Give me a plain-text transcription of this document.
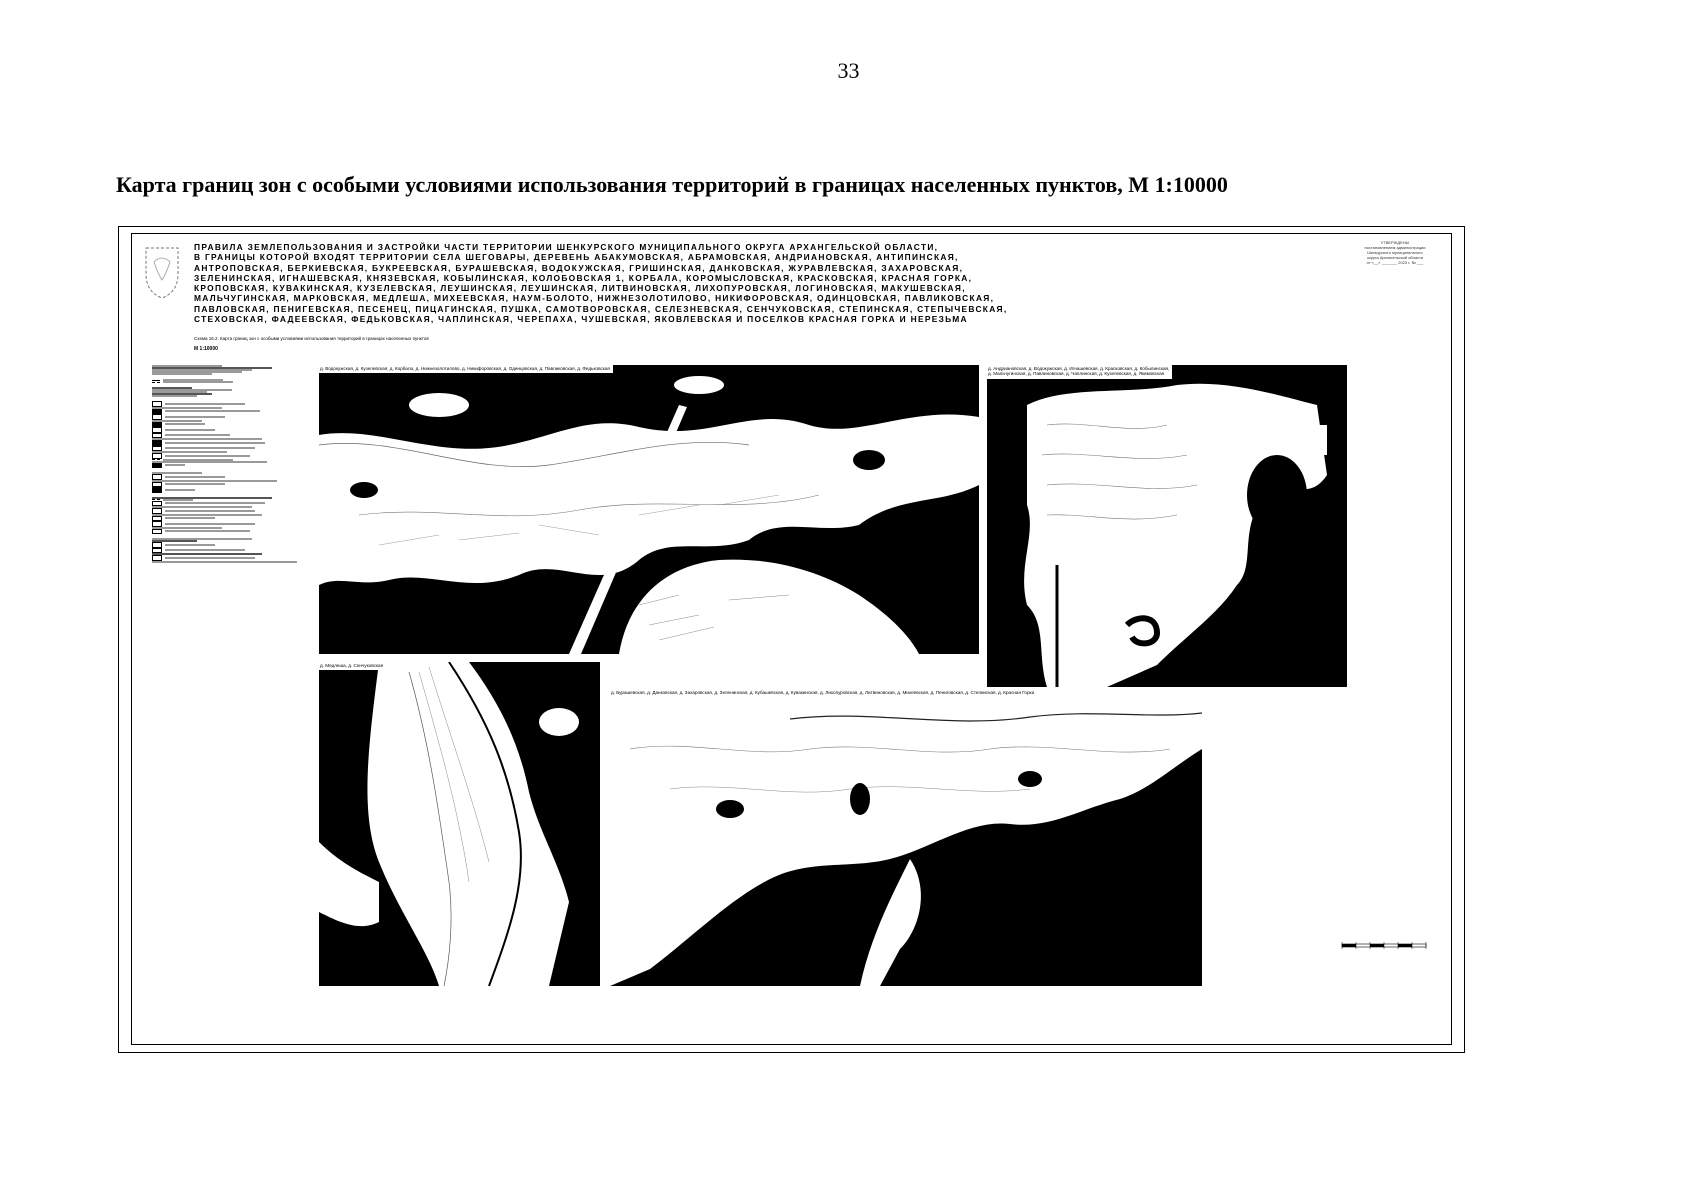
33
Карта границ зон с особыми условиями использования территорий в границах населенных пунктов, М 1:10000
УТВЕРЖДЕНЫ
постановлением администрации
Шенкурского муниципального
округа Архангельской области
от «__» _______ 2023 г. № ___
ПРАВИЛА ЗЕМЛЕПОЛЬЗОВАНИЯ И ЗАСТРОЙКИ ЧАСТИ ТЕРРИТОРИИ ШЕНКУРСКОГО МУНИЦИПАЛЬНОГО ОКРУГА АРХАНГЕЛЬСКОЙ ОБЛАСТИ,
В ГРАНИЦЫ КОТОРОЙ ВХОДЯТ ТЕРРИТОРИИ СЕЛА ШЕГОВАРЫ, ДЕРЕВЕНЬ АБАКУМОВСКАЯ, АБРАМОВСКАЯ, АНДРИАНОВСКАЯ, АНТИПИНСКАЯ,
АНТРОПОВСКАЯ, БЕРКИЕВСКАЯ, БУКРЕЕВСКАЯ, БУРАШЕВСКАЯ, ВОДОКУЖСКАЯ, ГРИШИНСКАЯ, ДАНКОВСКАЯ, ЖУРАВЛЕВСКАЯ, ЗАХАРОВСКАЯ,
ЗЕЛЕНИНСКАЯ, ИГНАШЕВСКАЯ, КНЯЗЕВСКАЯ, КОБЫЛИНСКАЯ, КОЛОБОВСКАЯ 1, КОРБАЛА, КОРОМЫСЛОВСКАЯ, КРАСКОВСКАЯ, КРАСНАЯ ГОРКА,
КРОПОВСКАЯ, КУВАКИНСКАЯ, КУЗЕЛЕВСКАЯ, ЛЕУШИНСКАЯ, ЛЕУШИНСКАЯ, ЛИТВИНОВСКАЯ, ЛИХОПУРОВСКАЯ, ЛОГИНОВСКАЯ, МАКУШЕВСКАЯ,
МАЛЬЧУГИНСКАЯ, МАРКОВСКАЯ, МЕДЛЕША, МИХЕЕВСКАЯ, НАУМ-БОЛОТО, НИЖНЕЗОЛОТИЛОВО, НИКИФОРОВСКАЯ, ОДИНЦОВСКАЯ, ПАВЛИКОВСКАЯ,
ПАВЛОВСКАЯ, ПЕНИГЕВСКАЯ, ПЕСЕНЕЦ, ПИЦАГИНСКАЯ, ПУШКА, САМОТВОРОВСКАЯ, СЕЛЕЗНЕВСКАЯ, СЕНЧУКОВСКАЯ, СТЕПИНСКАЯ, СТЕПЫЧЕВСКАЯ,
СТЕХОВСКАЯ, ФАДЕЕВСКАЯ, ФЕДЬКОВСКАЯ, ЧАПЛИНСКАЯ, ЧЕРЕПАХА, ЧУШЕВСКАЯ, ЯКОВЛЕВСКАЯ И ПОСЕЛКОВ КРАСНАЯ ГОРКА И НЕРЕЗЬМА
Схема 16.2. Карта границ зон с особыми условиями использования территорий в границах населенных пунктов
М 1:10000
д. Водокужская, д. Кузелевская, д. Корбала, д. Нижнезолотилово, д. Никифоровская, д. Одинцовская, д. Павликовская, д. Федьковская	д. Андриановская, д. Водокужская, д. Игнашевская, д. Красковская, д. Кобылинская,
д. Мальчугинская, д. Павлиновская, д. Чаплинская, д. Кузелевская, д. Якимовская
д. Медлеша, д. Сенчуковская
д. Бурашевская, д. Данковская, д. Захаровская, д. Зеленинская, д. Кубашевская, д. Кувакинская, д. Лихопуровская, д. Литвиновская, д. Михеевская, д. Пениговская, д. Степинская, д. Красная Горка
